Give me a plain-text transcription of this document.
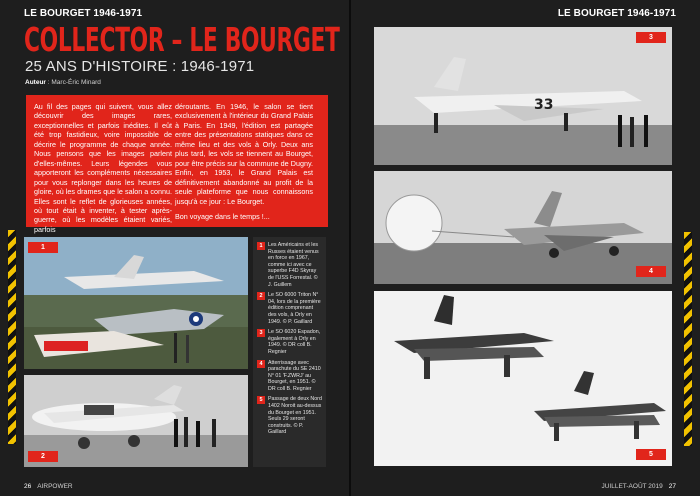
LE BOURGET 1946-1971	LE BOURGET 1946-1971
COLLECTOR – LE BOURGET
25 ANS D'HISTOIRE : 1946-1971
Auteur : Marc-Éric Minard

Au fil des pages qui suivent, vous allez découvrir des images rares, exceptionnelles et parfois inédites. Il eût été trop fastidieux, voire impossible de décrire le programme de chaque année. Nous pensons que les images parlent d'elles-mêmes. Leurs légendes vous apporteront les compléments nécessaires pour vous replonger dans les heures de gloire, où les drames que le salon a connu. Elles sont le reflet de glorieuses années, où tout était à inventer, à tester après-guerre, où les modèles étaient variés, parfois

déroutants. En 1946, le salon se tient exclusivement à l'intérieur du Grand Palais à Paris. En 1949, l'édition est partagée entre des présentations statiques dans ce même lieu et des vols à Orly. Deux ans plus tard, les vols se tiennent au Bourget, pour être précis sur la commune de Dugny. Enfin, en 1953, le Grand Palais est définitivement abandonné au profit de la seule plateforme que nous connaissons jusqu'à ce jour : Le Bourget.

Bon voyage dans le temps !...

1
2
1	Les Américains et les Russes étaient venus en force en 1967, comme ici avec ce superbe F4D Skyray de l'USS Forrestal. © J. Guillem
2	Le SO 6000 Triton N° 04, lors de la première édition comprenant des vols, à Orly en 1949. © P. Gaillard
3	Le SO 6020 Espadon, également à Orly en 1949. © DR coll B. Regnier
4	Atterrissage avec parachute du SE 2410 N° 01 'F.ZWRJ' au Bourget, en 1951. © DR coll B. Regnier
5	Passage de deux Nord 1402 Noroit au-dessus du Bourget en 1951. Seuls 29 seront construits. © P. Gaillard
33
3
4
5
26 AIRPOWER	JUILLET-AOÛT 2019 27
